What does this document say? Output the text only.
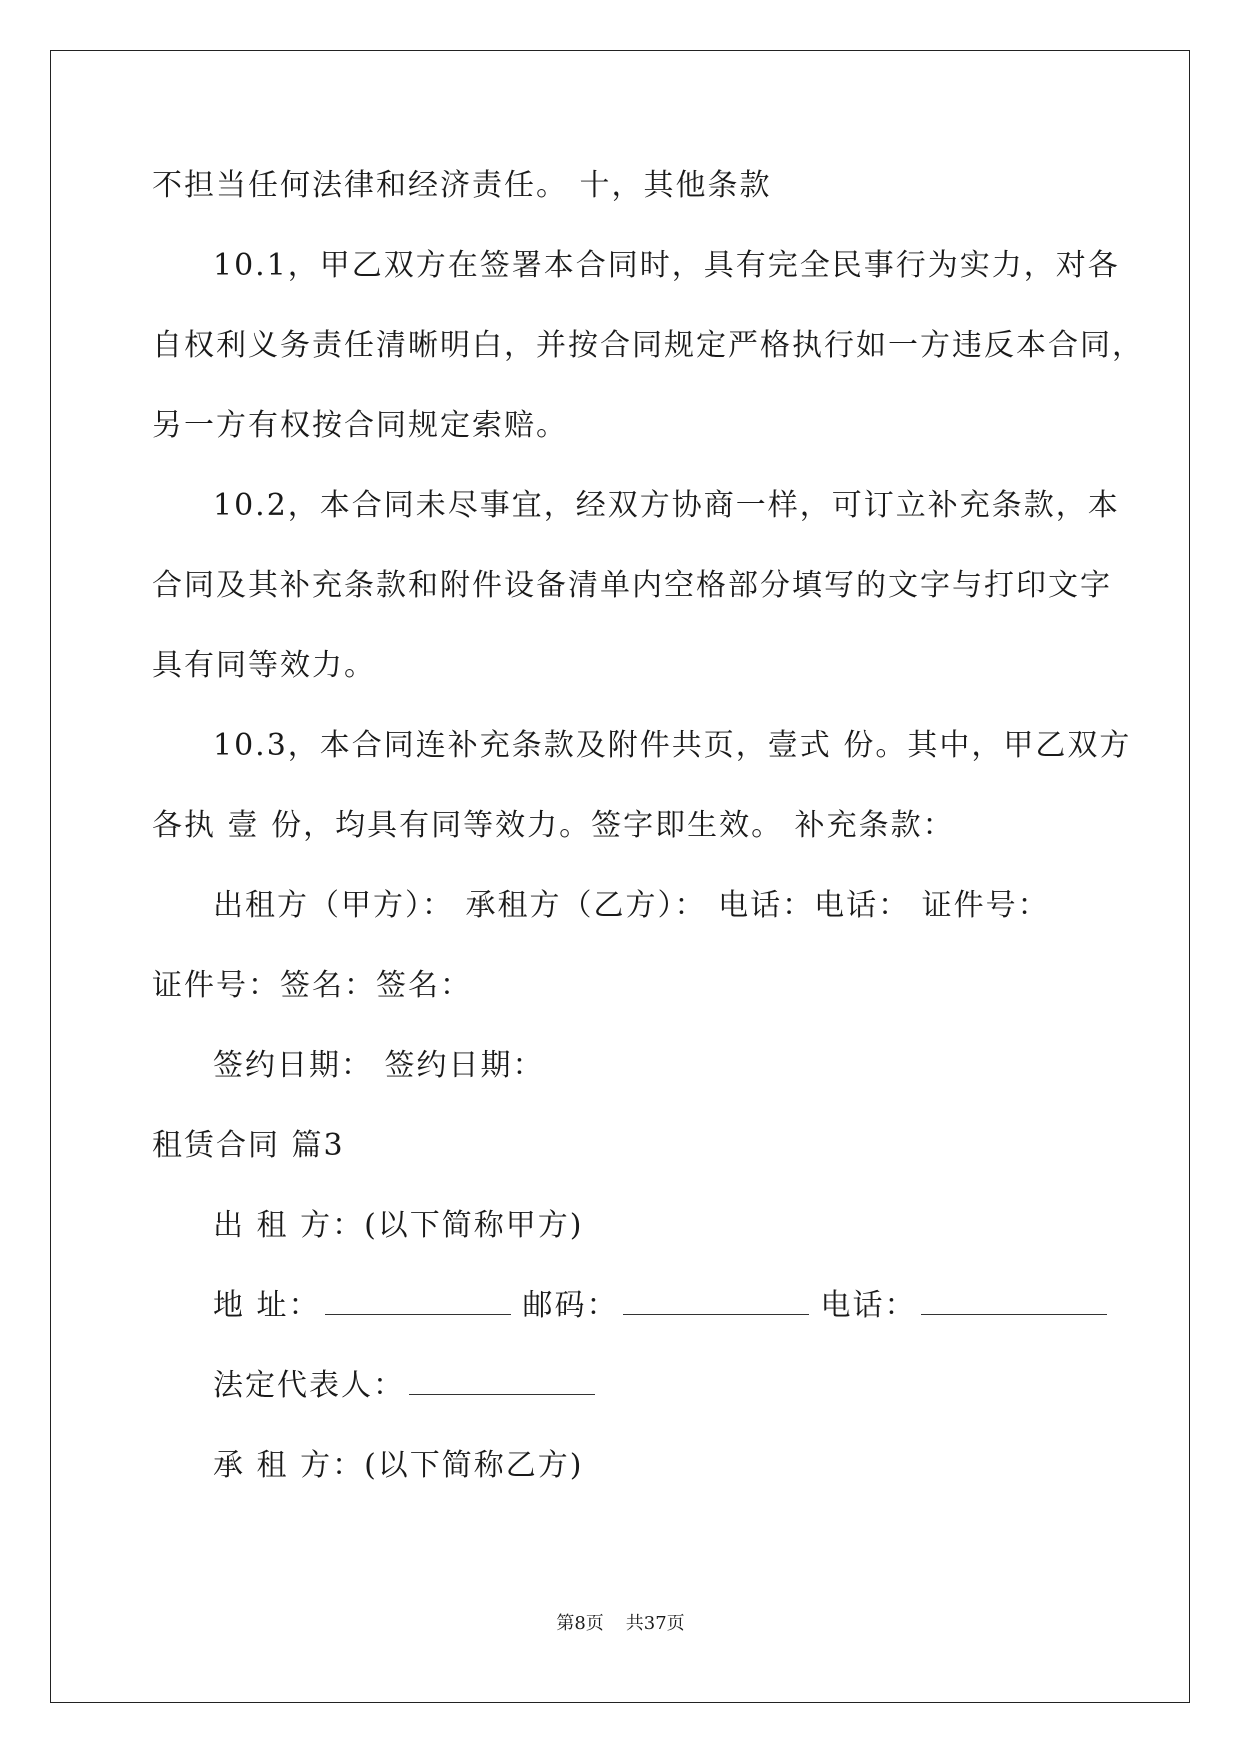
不担当任何法律和经济责任。 十，其他条款
10.1，甲乙双方在签署本合同时，具有完全民事行为实力，对各
自权利义务责任清晰明白，并按合同规定严格执行如一方违反本合同，
另一方有权按合同规定索赔。
10.2，本合同未尽事宜，经双方协商一样，可订立补充条款，本
合同及其补充条款和附件设备清单内空格部分填写的文字与打印文字
具有同等效力。
10.3，本合同连补充条款及附件共页，壹式 份。其中，甲乙双方
各执 壹 份，均具有同等效力。签字即生效。 补充条款：
出租方（甲方）： 承租方（乙方）： 电话：电话： 证件号：
证件号：签名：签名：
签约日期： 签约日期：
租赁合同 篇3
出 租 方：(以下简称甲方)
地 址：	邮码：	电话：
法定代表人：
承 租 方：(以下简称乙方)
第8页 共37页
